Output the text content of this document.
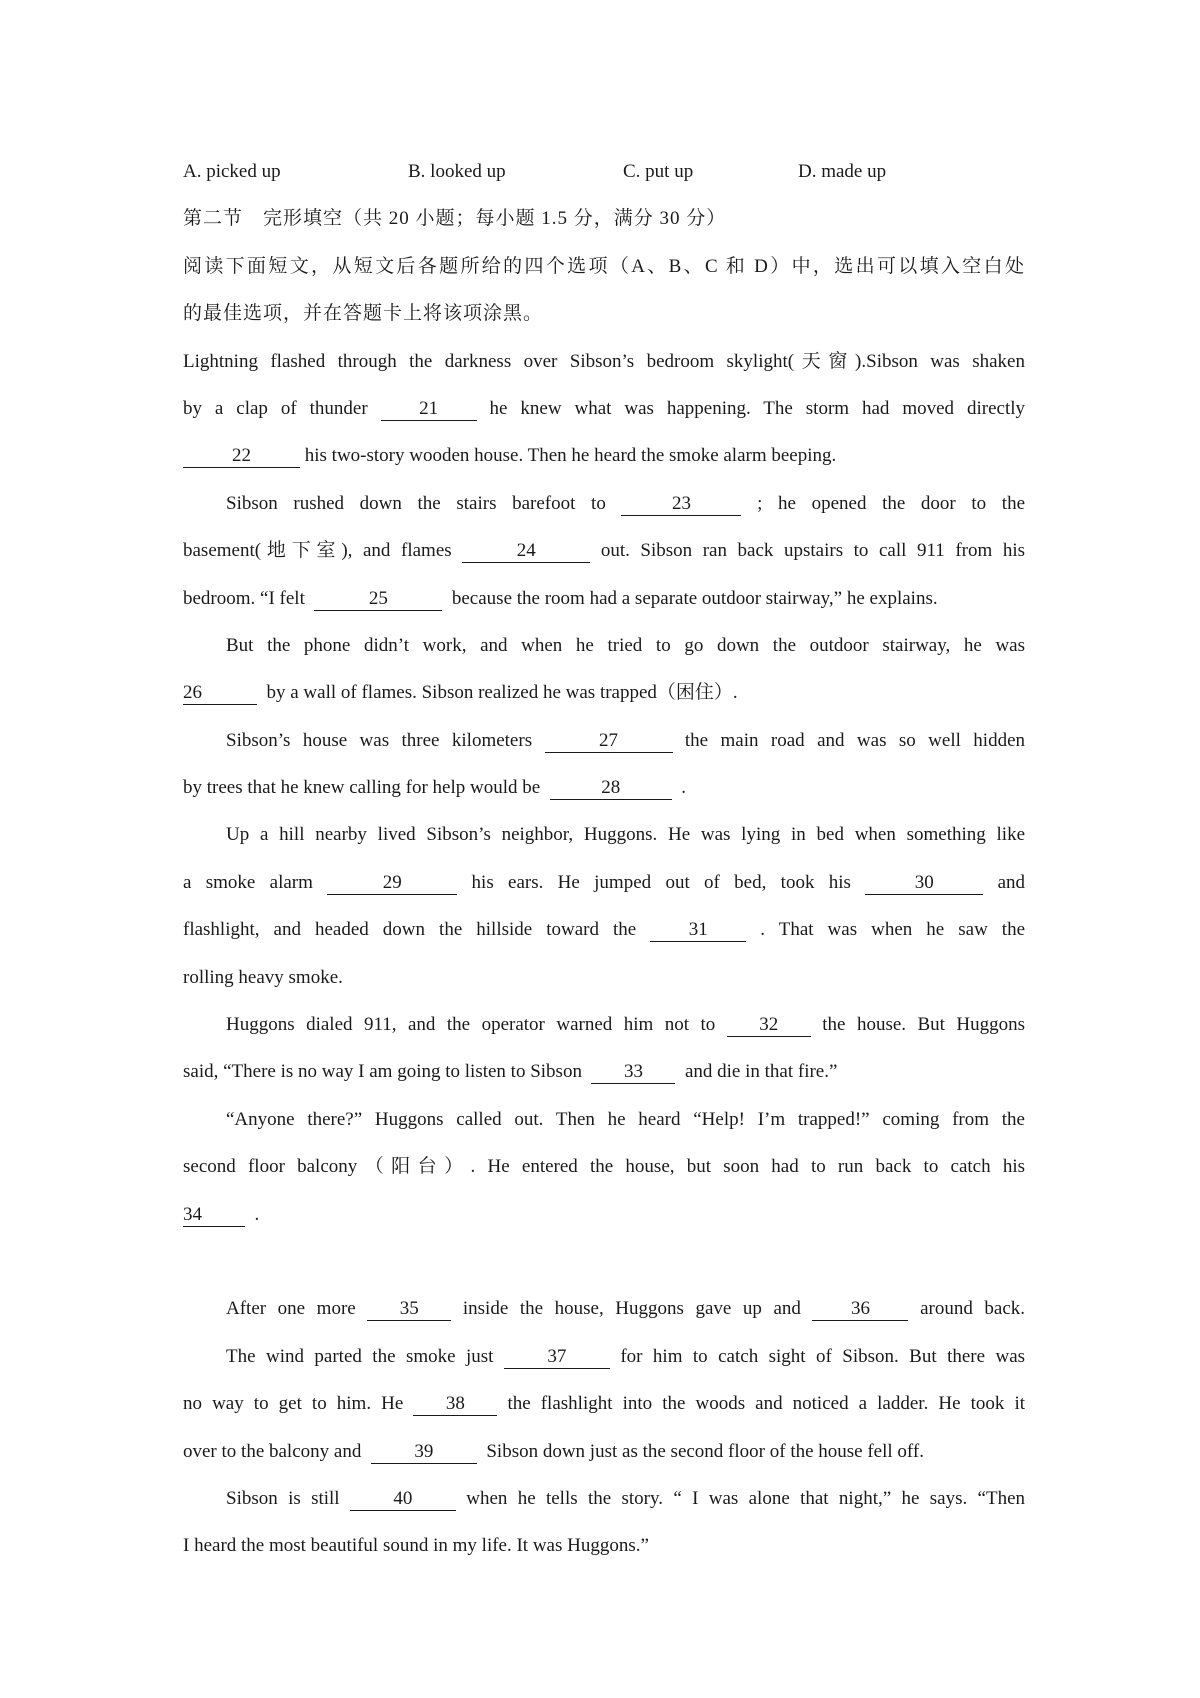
A. picked up	B. looked up	C. put up	D. made up
第二节　完形填空（共 20 小题；每小题 1.5 分，满分 30 分）
阅读下面短文，从短文后各题所给的四个选项（A、B、C 和 D）中，选出可以填入空白处
的最佳选项，并在答题卡上将该项涂黑。
Lightning flashed through the darkness over Sibson’s bedroom skylight(天窗).Sibson was shaken
by a clap of thunder	21	he knew what was happening. The storm had moved directly
22	his two-story wooden house. Then he heard the smoke alarm beeping.
Sibson rushed down the stairs barefoot to	23	; he opened the door to the
basement(地下室), and flames	24	out. Sibson ran back upstairs to call 911 from his
bedroom. “I felt	25	because the room had a separate outdoor stairway,” he explains.
But the phone didn’t work, and when he tried to go down the outdoor stairway, he was
26	by a wall of flames. Sibson realized he was trapped（困住）.
Sibson’s house was three kilometers	27	the main road and was so well hidden
by trees that he knew calling for help would be	28	.
Up a hill nearby lived Sibson’s neighbor, Huggons. He was lying in bed when something like
a smoke alarm	29	his ears. He jumped out of bed, took his	30	and
flashlight, and headed down the hillside toward the	31	. That was when he saw the
rolling heavy smoke.
Huggons dialed 911, and the operator warned him not to 32 the house. But Huggons
said, “There is no way I am going to listen to Sibson 33 and die in that fire.”
“Anyone there?” Huggons called out. Then he heard “Help! I’m trapped!” coming from the
second floor balcony（阳台）. He entered the house, but soon had to run back to catch his
34	.
After one more 35 inside the house, Huggons gave up and	36	around back.
The wind parted the smoke just	37	for him to catch sight of Sibson. But there was
no way to get to him. He 38 the flashlight into the woods and noticed a ladder. He took it
over to the balcony and	39	Sibson down just as the second floor of the house fell off.
Sibson is still	40	when he tells the story. “ I was alone that night,” he says. “Then
I heard the most beautiful sound in my life. It was Huggons.”
